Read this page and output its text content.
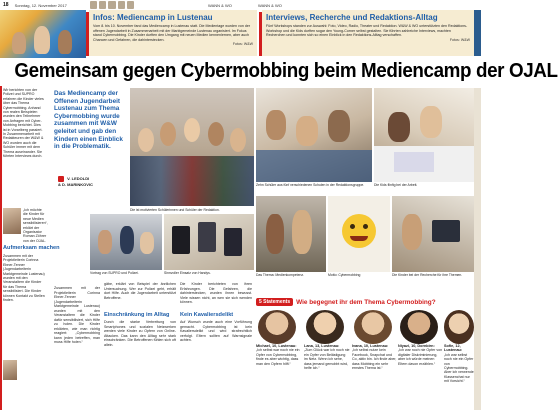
18	Sonntag, 12. November 2017	WANN & WO	WANN & WO
Infos: Mediencamp in Lustenau

Vom 8. bis 10. November fand das Mediencamp in Lustenau statt. Die Medientage wurden von der offenen Jugendarbeit in Zusammenarbeit mit der Marktgemeinde Lustenau organisiert. Im Fokus stand Cybermobbing. Die Kinder durften den Umgang mit neuen Medien kennenlernen, aber auch Chancen und Gefahren, die dahinterstecken.

Fotos: W&W
Interviews, Recherche und Redaktions-Alltag

Fünf Workshops standen zur Auswahl: Foto, Video, Radio, Theater und Redaktion. W&W & WO unterstützten den Redaktions-Workshop und die Kids durften sogar den Young-Corner selbst gestalten. Sie führten zahlreiche Interviews, machten Recherchen und konnten sich so einen Einblick in den Redaktions-Alltag verschaffen.

Fotos: W&W
Gemeinsam gegen Cybermobbing beim Mediencamp der OJAL
Wir berichten von der Polizei und SUPRO erfahren die Kinder vieles über das Thema Cybermobbing. Anhand von realen Beispielen wurden den Teilnehmer von Anfragen mit Cyber-Mobbing berichtet. Dies ist in Vorarlberg passiert. In Zusammenarbeit mit Redakteuren der W&W & WO wurden auch die Schüler immer mit dem Thema auseinander. Sie führten Interviews durch.
„Ich möchte die Kinder für neue Medien sensibilisieren“, erklärt der Organisator Roman Zöhrer von der OJAL.
Aufmerksam machen
Zusammen mit der Projektleiterin Corinna Ebner-Tenner (Jugendarbeiterin Marktgemeinde Lustenau) wurden mit den Veranstaltern die Kinder für das Thema sensibilisiert. Die Kinder können Kontakt zu Stellen finden.
Das Mediencamp der Offenen Jugendarbeit Lustenau zum Thema Cybermobbing wurde zusammen mit W&W geleitet und gab den Kindern einen Einblick in die Problematik.
V. LEDOLDI
& D. MARINKOVIC
Die ist motivierten Schülerinnen und Schüler der Redaktion.
Zehn Schüler aus fünf verschiedenen Schulen in der Redaktionsgruppe.	Die Kids flinfig bei der Arbeit.
Vortrag von SUPRO und Polizei.	Sinnvoller Einsatz von Handys.	Das Thema: Medienkompetenz.	Motto: Cybermobbing	Die Kinder bei der Recherche für ihre Themen.
Zusammen mit der Projektleiterin Corinna Ebner-Tenner (Jugendarbeiterin Marktgemeinde Lustenau) wurden mit den Veranstaltern die Kinder dafür sensibilisiert, sich Hilfe zu holen. Die Kinder erklärten, wie man richtig reagiert: „Cybermobbing kann jeden betreffen, man muss Hilfe holen.“
gäbe, erklärt von Beispiel der ärztlichen Untersuchung. Wer zur Polizei geht, erhält dort Hilfe. Auch die Jugendarbeit unterstützt Betroffene.
Einschränkung im Alltag
Durch die starke Verbreitung von Smartphones und sozialen Netzwerken werden viele Kinder zu Opfern von Online-Attacken. Das kann den Alltag sehr stark einschränken. Die Betroffenen fühlen sich oft allein.
Die Kinder berichteten von ihren Erfahrungen. Die Gefahren, die dahinterstecken, wurden ihnen bewusst. Viele wissen nicht, an wen sie sich wenden können.
Kein Kavaliersdelikt
Auf Wunsch wurde auch eine Vorführung gemacht. Cybermobbing ist kein Kavaliersdelikt und wird strafrechtlich verfolgt. Eltern sollten auf Warnsignale achten.
5 Statements Wie begegnet ihr dem Thema Cybermobbing?
Michael, 10, Lustenau:
„Ich selbst war noch nie ein Opfer von Cybermobbing, finde es aber wichtig, dass man den Opfern hilft.“
Lana, 13, Lustenau:
„Zum Glück war ich noch nie ein Opfer von Belästigung im Netz. Wenn ich sehe, dass jemand gemobbt wird, helfe ich.“
Ivana, 10, Lustenau:
„Ich selbst nutze kein Facebook, Snapchat und Co, aktiv bin. Ich finde aber, dass Mobbing ein sehr ernstes Thema ist.“
Niyazi, 10, Dornbirn:
„Ich war noch nie Opfer von digitaler Diskriminierung, aber ich würde meinen Eltern davon erzählen.“
Sofie, 12, Lustenau:
„Ich war selbst noch nie ein Opfer von Cybermobbing. Aber ich verwende Klassenchat nur mit Vorsicht.“
